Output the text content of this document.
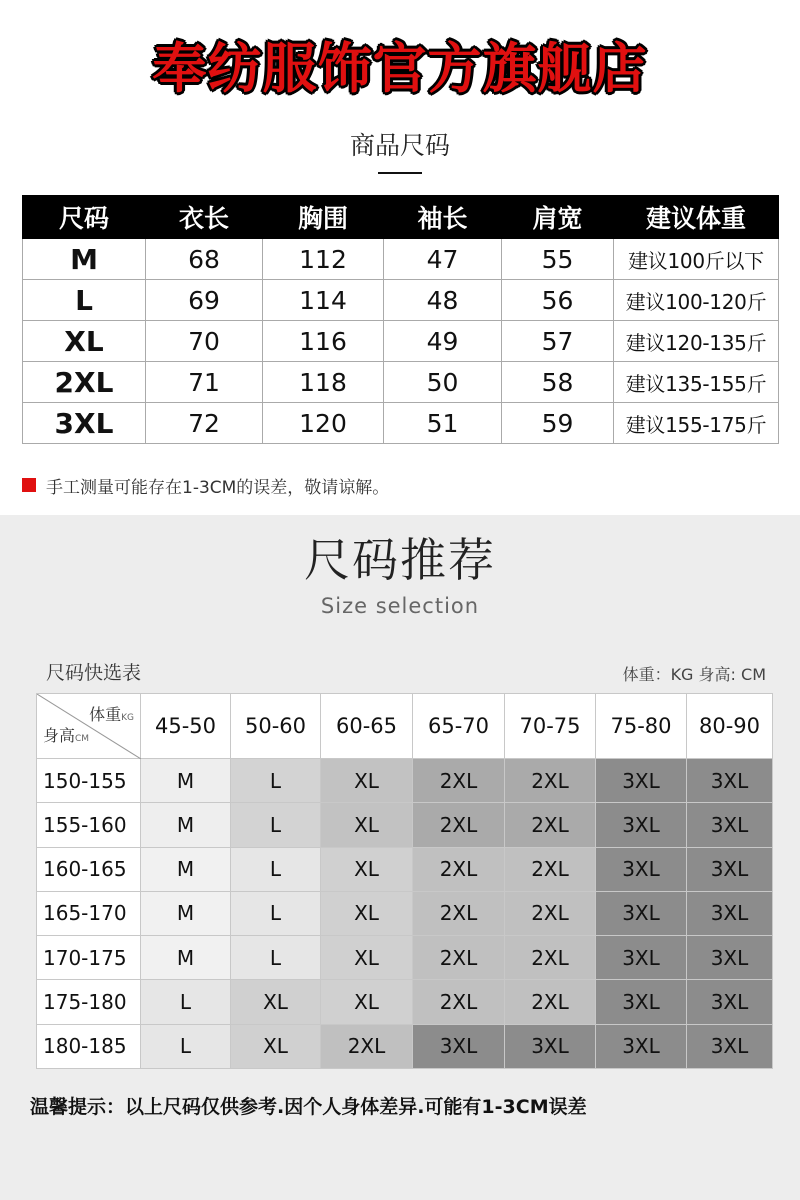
奉纺服饰官方旗舰店
商品尺码
尺码	衣长	胸围	袖长	肩宽	建议体重
M	68	112	47	55	建议100斤以下
L	69	114	48	56	建议100-120斤
XL	70	116	49	57	建议120-135斤
2XL	71	118	50	58	建议135-155斤
3XL	72	120	51	59	建议155-175斤
手工测量可能存在1-3CM的误差，敬请谅解。
尺码推荐
Size selection
尺码快选表	体重：KG 身高: CM
体重KG
身高CM	45-50	50-60	60-65	65-70	70-75	75-80	80-90
150-155	M	L	XL	2XL	2XL	3XL	3XL
155-160	M	L	XL	2XL	2XL	3XL	3XL
160-165	M	L	XL	2XL	2XL	3XL	3XL
165-170	M	L	XL	2XL	2XL	3XL	3XL
170-175	M	L	XL	2XL	2XL	3XL	3XL
175-180	L	XL	XL	2XL	2XL	3XL	3XL
180-185	L	XL	2XL	3XL	3XL	3XL	3XL
温馨提示：以上尺码仅供参考.因个人身体差异.可能有1-3CM误差
